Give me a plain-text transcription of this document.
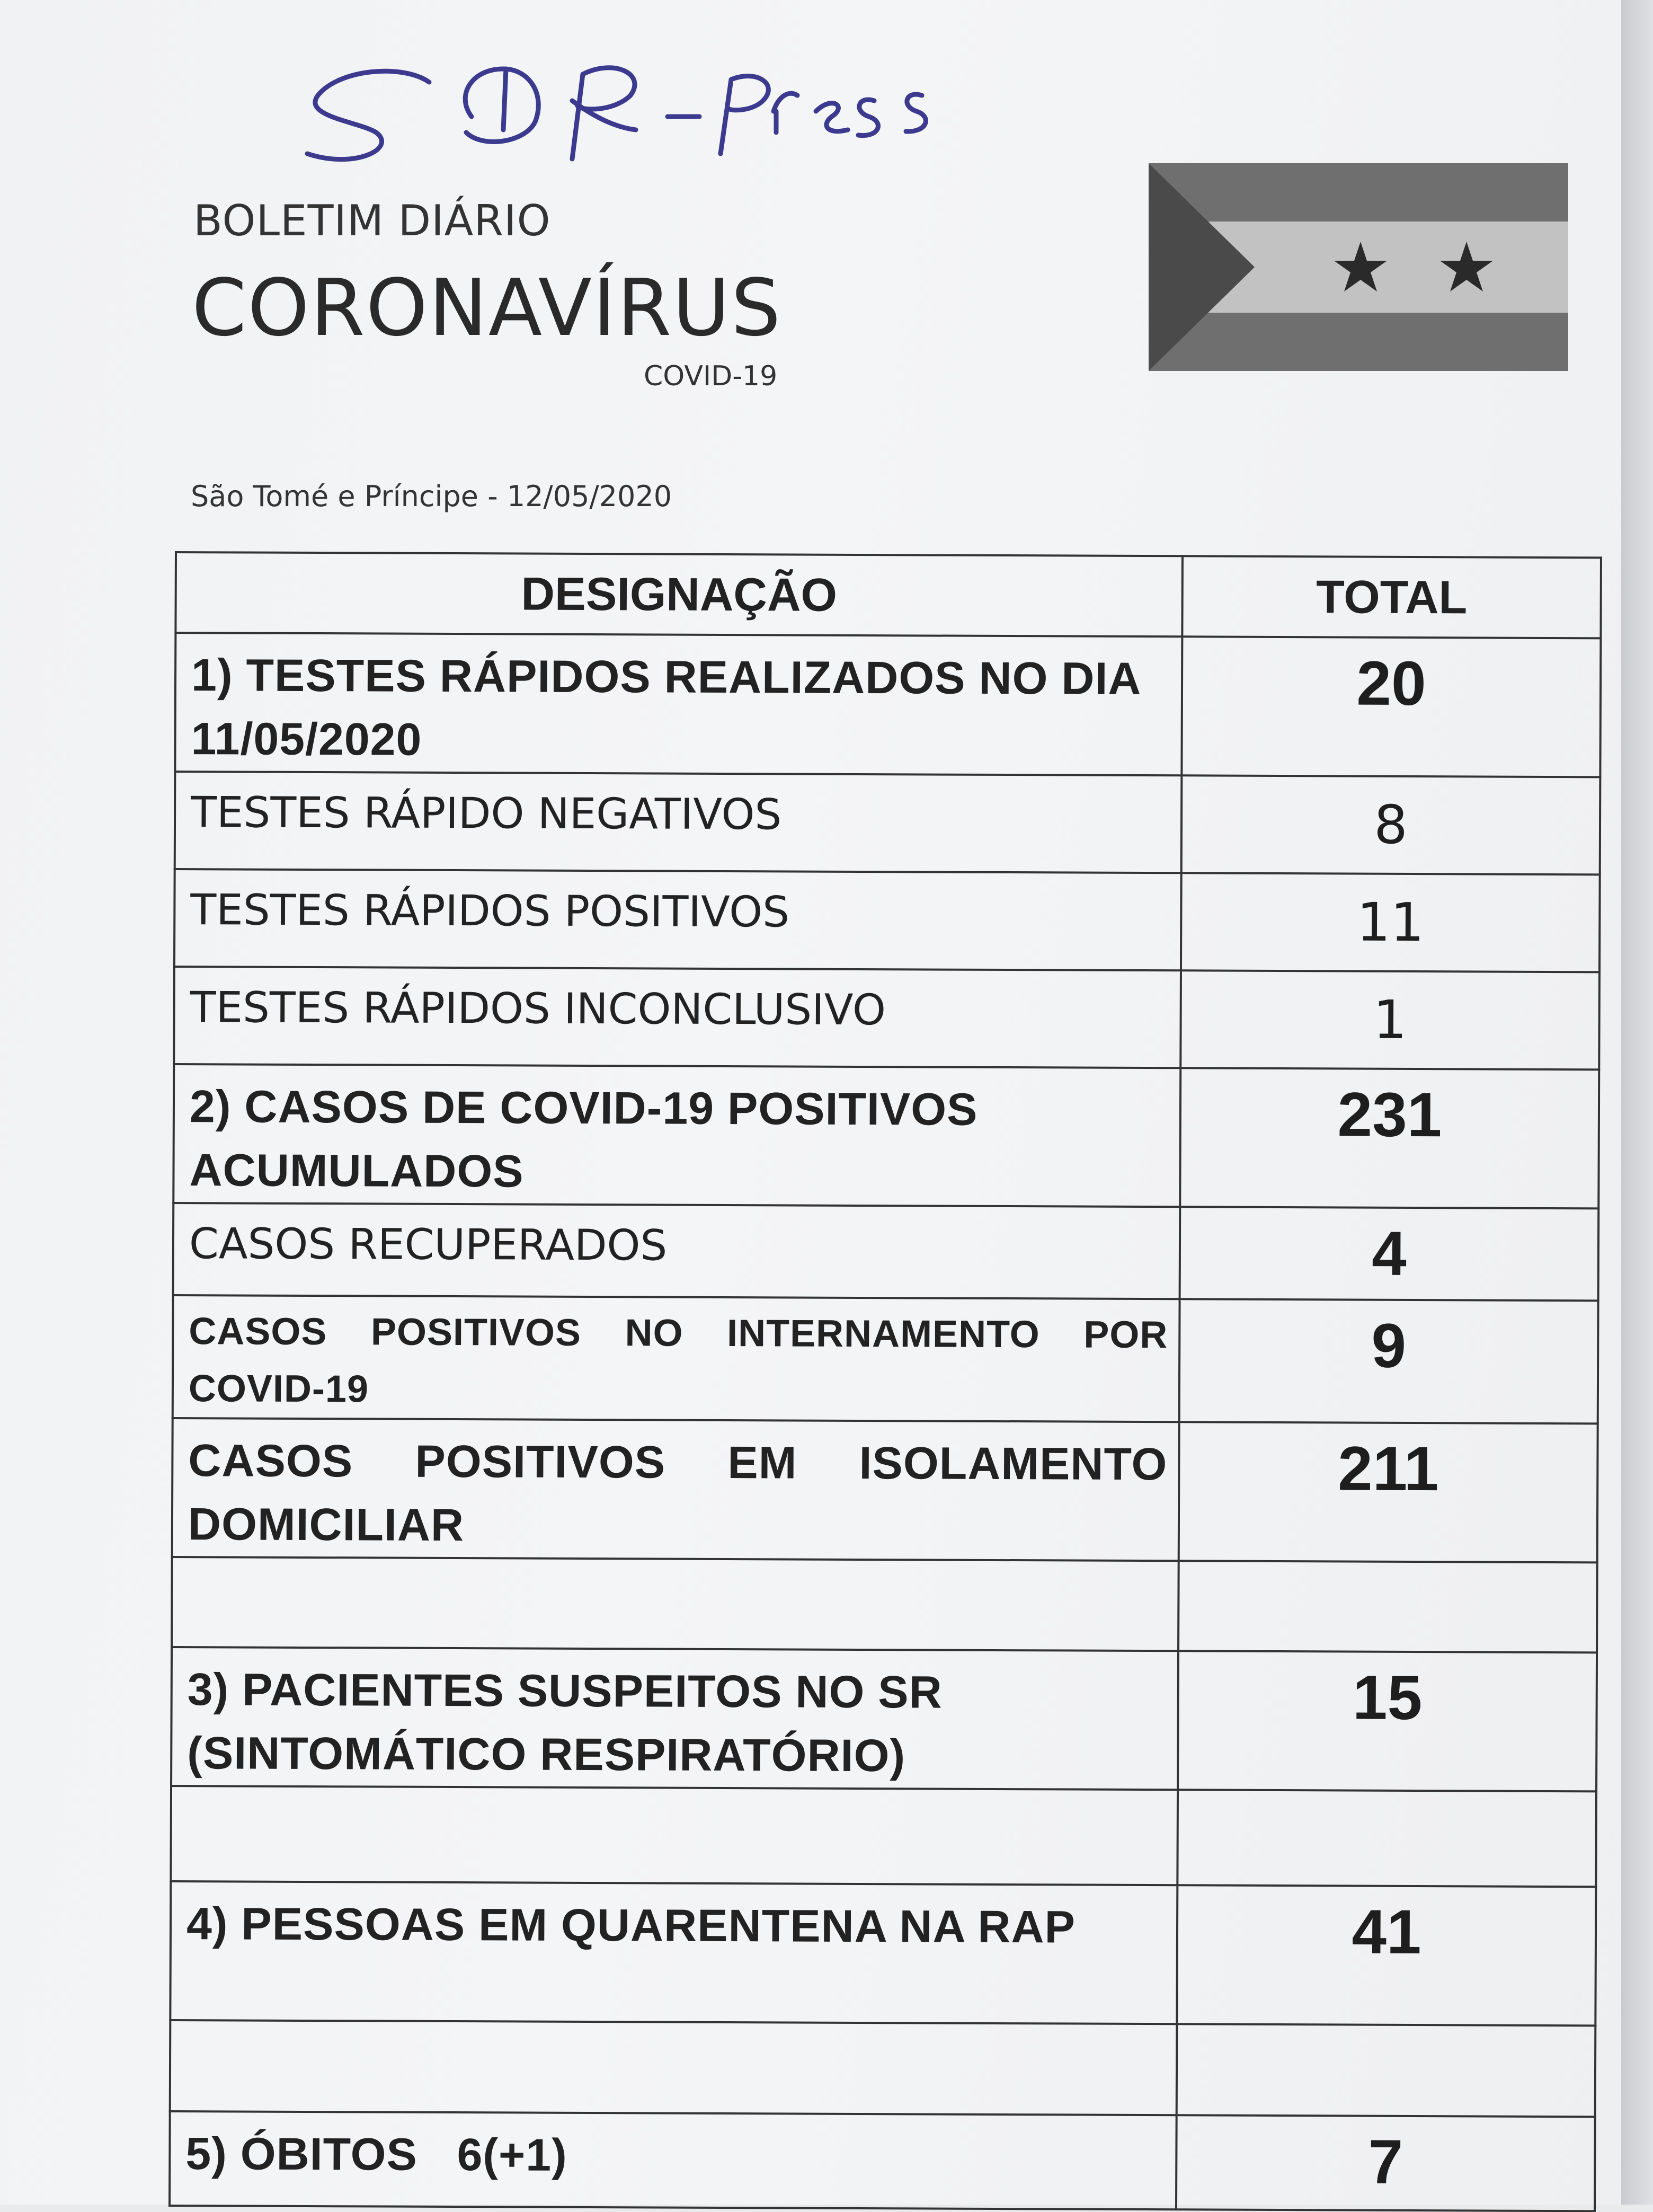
BOLETIM DIÁRIO
CORONAVÍRUS
COVID-19
São Tomé e Príncipe - 12/05/2020
DESIGNAÇÃO	TOTAL
1) TESTES RÁPIDOS REALIZADOS NO DIA 11/05/2020	20
TESTES RÁPIDO NEGATIVOS	8
TESTES RÁPIDOS POSITIVOS	11
TESTES RÁPIDOS INCONCLUSIVO	1
2) CASOS DE COVID-19 POSITIVOS ACUMULADOS	231
CASOS RECUPERADOS	4
CASOS POSITIVOS NO INTERNAMENTO POR COVID-19	9
CASOS POSITIVOS EM ISOLAMENTO DOMICILIAR	211

3) PACIENTES SUSPEITOS NO SR (SINTOMÁTICO RESPIRATÓRIO)	15

4) PESSOAS EM QUARENTENA NA RAP	41

5) ÓBITOS   6(+1)	7
